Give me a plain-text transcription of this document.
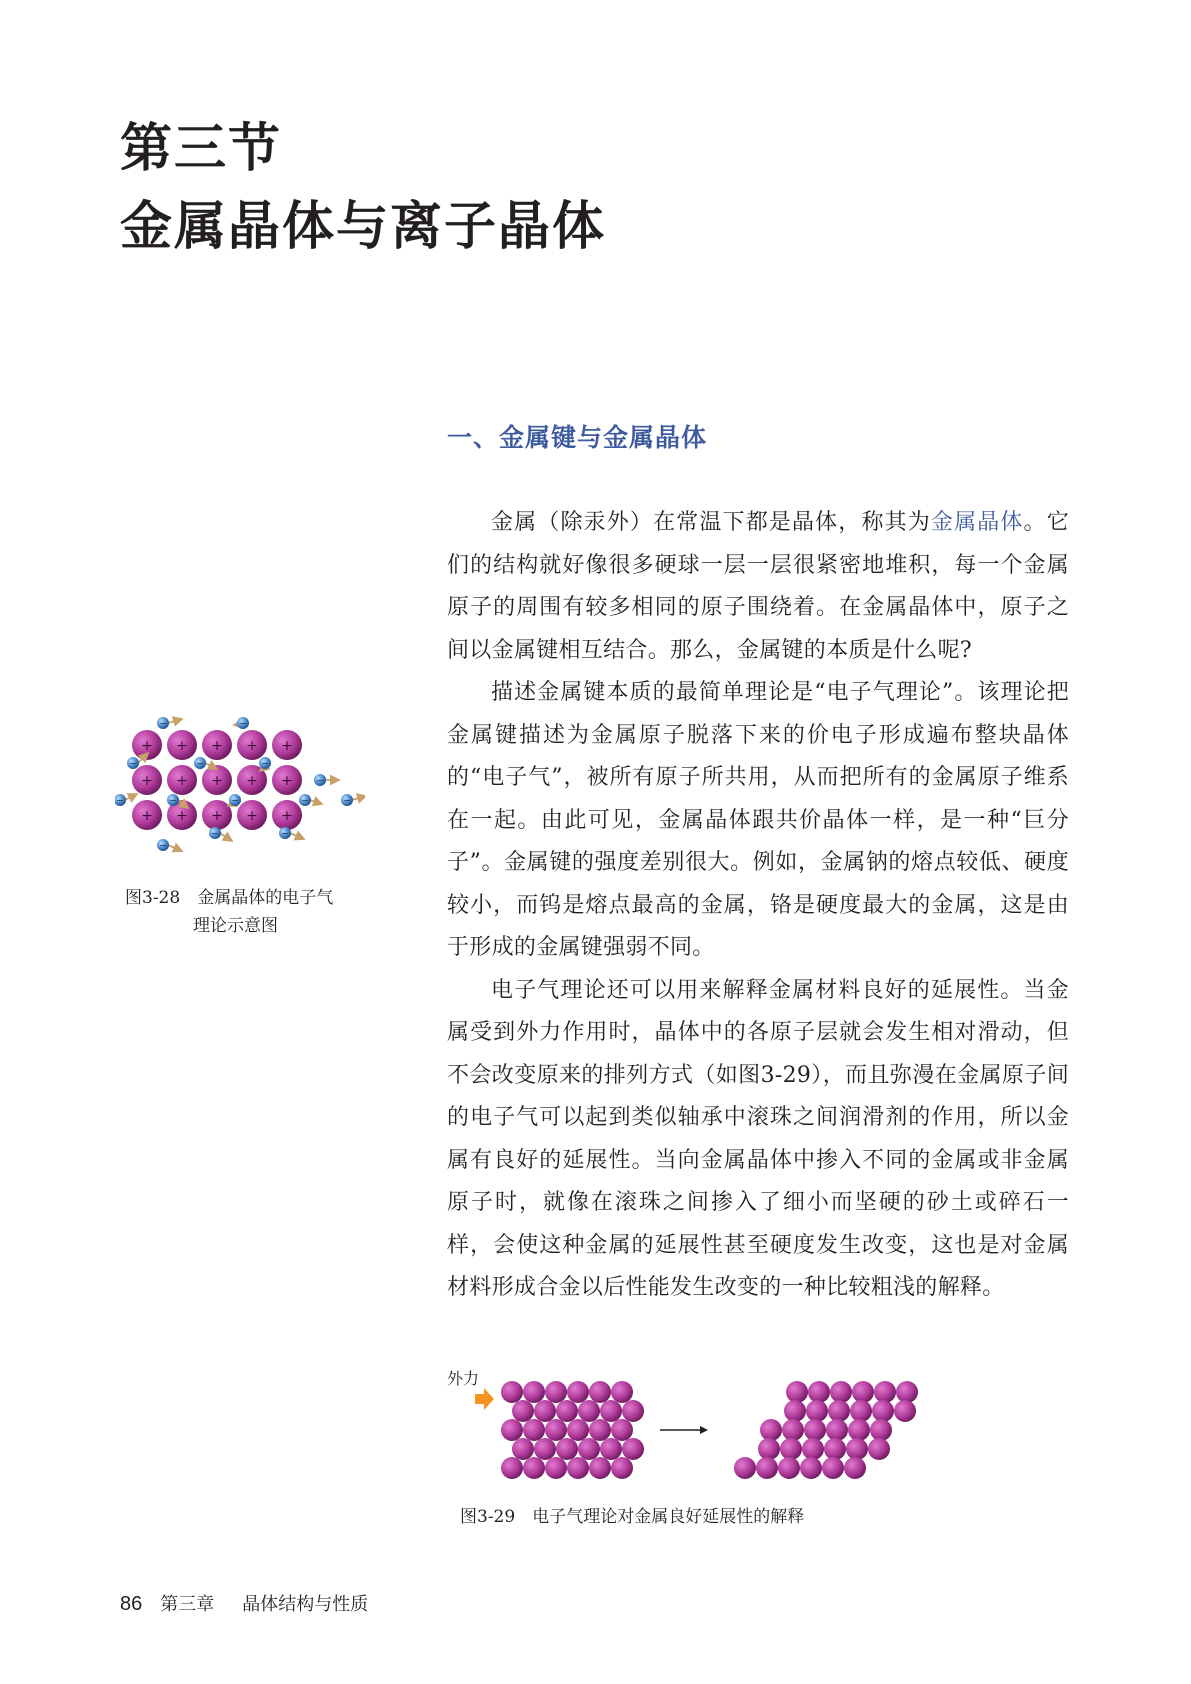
第三节
金属晶体与离子晶体
一、金属键与金属晶体

金属（除汞外）在常温下都是晶体，称其为金属晶体。它们的结构就好像很多硬球一层一层很紧密地堆积，每一个金属原子的周围有较多相同的原子围绕着。在金属晶体中，原子之间以金属键相互结合。那么，金属键的本质是什么呢?

描述金属键本质的最简单理论是“电子气理论”。该理论把金属键描述为金属原子脱落下来的价电子形成遍布整块晶体的“电子气”，被所有原子所共用，从而把所有的金属原子维系在一起。由此可见，金属晶体跟共价晶体一样，是一种“巨分子”。金属键的强度差别很大。例如，金属钠的熔点较低、硬度较小，而钨是熔点最高的金属，铬是硬度最大的金属，这是由于形成的金属键强弱不同。

电子气理论还可以用来解释金属材料良好的延展性。当金属受到外力作用时，晶体中的各原子层就会发生相对滑动，但不会改变原来的排列方式（如图3-29），而且弥漫在金属原子间的电子气可以起到类似轴承中滚珠之间润滑剂的作用，所以金属有良好的延展性。当向金属晶体中掺入不同的金属或非金属原子时，就像在滚珠之间掺入了细小而坚硬的砂土或碎石一样，会使这种金属的延展性甚至硬度发生改变，这也是对金属材料形成合金以后性能发生改变的一种比较粗浅的解释。

+ + + + +
+ + + + +
+ + + + +
−	−
−	−	−
−
−	−	−	−	−
−	−
−
图3-28　金属晶体的电子气
理论示意图
外力
图3-29　电子气理论对金属良好延展性的解释
86 第三章 晶体结构与性质
